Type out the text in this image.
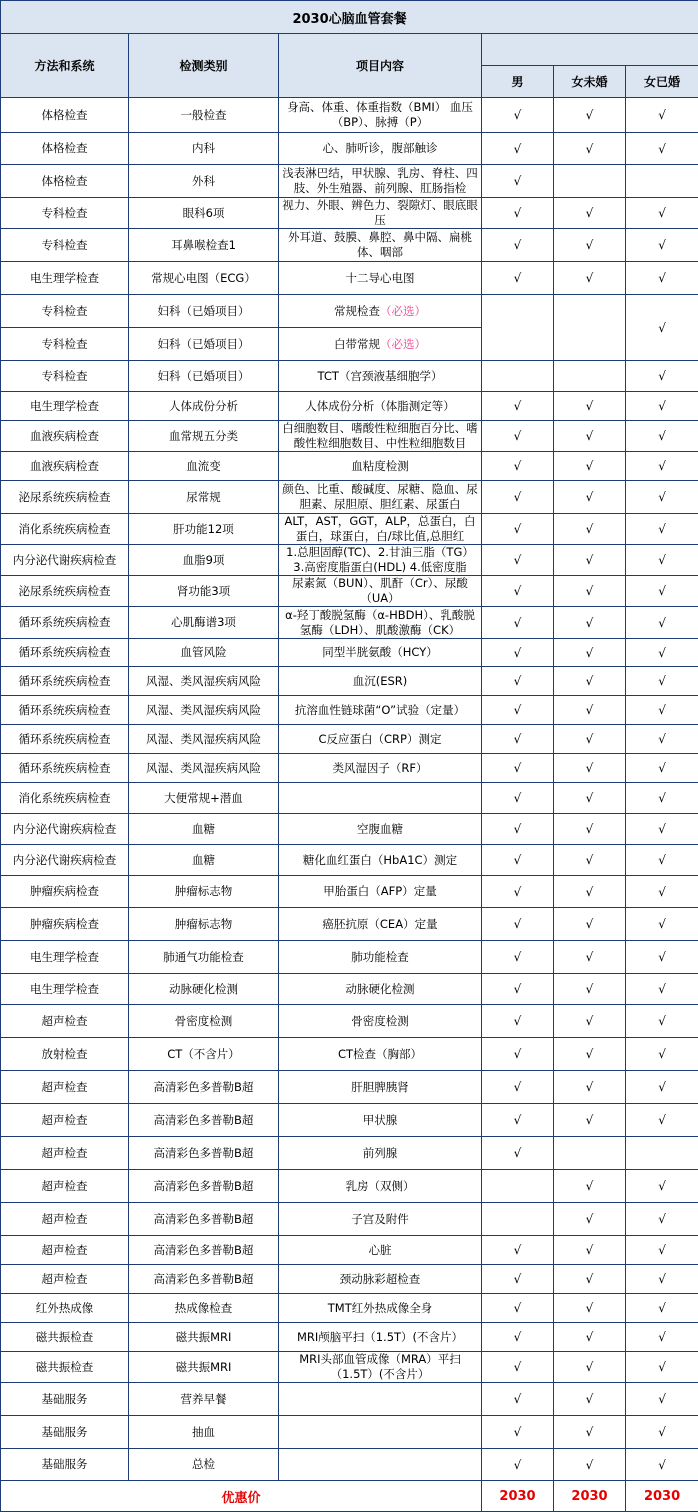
2030心脑血管套餐					
方法和系统	检测类别	项目内容			
			男	女未婚	女已婚
体格检查	一般检查	身高、体重、体重指数（BMI） 血压（BP）、脉搏（P）	√	√	√
体格检查	内科	心、肺听诊，腹部触诊	√	√	√
体格检查	外科	浅表淋巴结，甲状腺、乳房、脊柱、四肢、外生殖器、前列腺、肛肠指检	√		
专科检查	眼科6项	视力、外眼、辨色力、裂隙灯、眼底眼压	√	√	√
专科检查	耳鼻喉检查1	外耳道、鼓膜、鼻腔、鼻中隔、扁桃体、咽部	√	√	√
电生理学检查	常规心电图（ECG）	十二导心电图	√	√	√
专科检查	妇科（已婚项目）	常规检查（必选）			√
专科检查	妇科（已婚项目）	白带常规（必选）			

专科检查	妇科（已婚项目）	TCT（宫颈液基细胞学）			√
电生理学检查	人体成份分析	人体成份分析（体脂测定等）	√	√	√
血液疾病检查	血常规五分类	白细胞数目、嗜酸性粒细胞百分比、嗜酸性粒细胞数目、中性粒细胞数目	√	√	√
血液疾病检查	血流变	血粘度检测	√	√	√
泌尿系统疾病检查	尿常规	颜色、比重、酸碱度、尿糖、隐血、尿胆素、尿胆原、胆红素、尿蛋白	√	√	√
消化系统疾病检查	肝功能12项	ALT，AST，GGT，ALP，总蛋白，白蛋白，球蛋白，白/球比值,总胆红	√	√	√
内分泌代谢疾病检查	血脂9项	1.总胆固醇(TC)、2.甘油三脂（TG）3.高密度脂蛋白(HDL) 4.低密度脂	√	√	√
泌尿系统疾病检查	肾功能3项	尿素氮（BUN）、肌酐（Cr）、尿酸（UA）	√	√	√
循环系统疾病检查	心肌酶谱3项	α-羟丁酸脱氢酶（α-HBDH）、乳酸脱氢酶（LDH）、肌酸激酶（CK）	√	√	√
循环系统疾病检查	血管风险	同型半胱氨酸（HCY）	√	√	√
循环系统疾病检查	风湿、类风湿疾病风险	血沉(ESR)	√	√	√
循环系统疾病检查	风湿、类风湿疾病风险	抗溶血性链球菌“O”试验（定量）	√	√	√
循环系统疾病检查	风湿、类风湿疾病风险	C反应蛋白（CRP）测定	√	√	√
循环系统疾病检查	风湿、类风湿疾病风险	类风湿因子（RF）	√	√	√
消化系统疾病检查	大便常规+潜血		√	√	√
内分泌代谢疾病检查	血糖	空腹血糖	√	√	√
内分泌代谢疾病检查	血糖	糖化血红蛋白（HbA1C）测定	√	√	√
肿瘤疾病检查	肿瘤标志物	甲胎蛋白（AFP）定量	√	√	√
肿瘤疾病检查	肿瘤标志物	癌胚抗原（CEA）定量	√	√	√
电生理学检查	肺通气功能检查	肺功能检查	√	√	√
电生理学检查	动脉硬化检测	动脉硬化检测	√	√	√
超声检查	骨密度检测	骨密度检测	√	√	√
放射检查	CT（不含片）	CT检查（胸部）	√	√	√
超声检查	高清彩色多普勒B超	肝胆脾胰肾	√	√	√
超声检查	高清彩色多普勒B超	甲状腺	√	√	√
超声检查	高清彩色多普勒B超	前列腺	√		
超声检查	高清彩色多普勒B超	乳房（双侧）		√	√
超声检查	高清彩色多普勒B超	子宫及附件		√	√
超声检查	高清彩色多普勒B超	心脏	√	√	√
超声检查	高清彩色多普勒B超	颈动脉彩超检查	√	√	√
红外热成像	热成像检查	TMT红外热成像全身	√	√	√
磁共振检查	磁共振MRI	MRI颅脑平扫（1.5T）(不含片）	√	√	√
磁共振检查	磁共振MRI	MRI头部血管成像（MRA）平扫（1.5T）(不含片）	√	√	√
基础服务	营养早餐		√	√	√
基础服务	抽血		√	√	√
基础服务	总检		√	√	√
优惠价			2030	2030	2030
